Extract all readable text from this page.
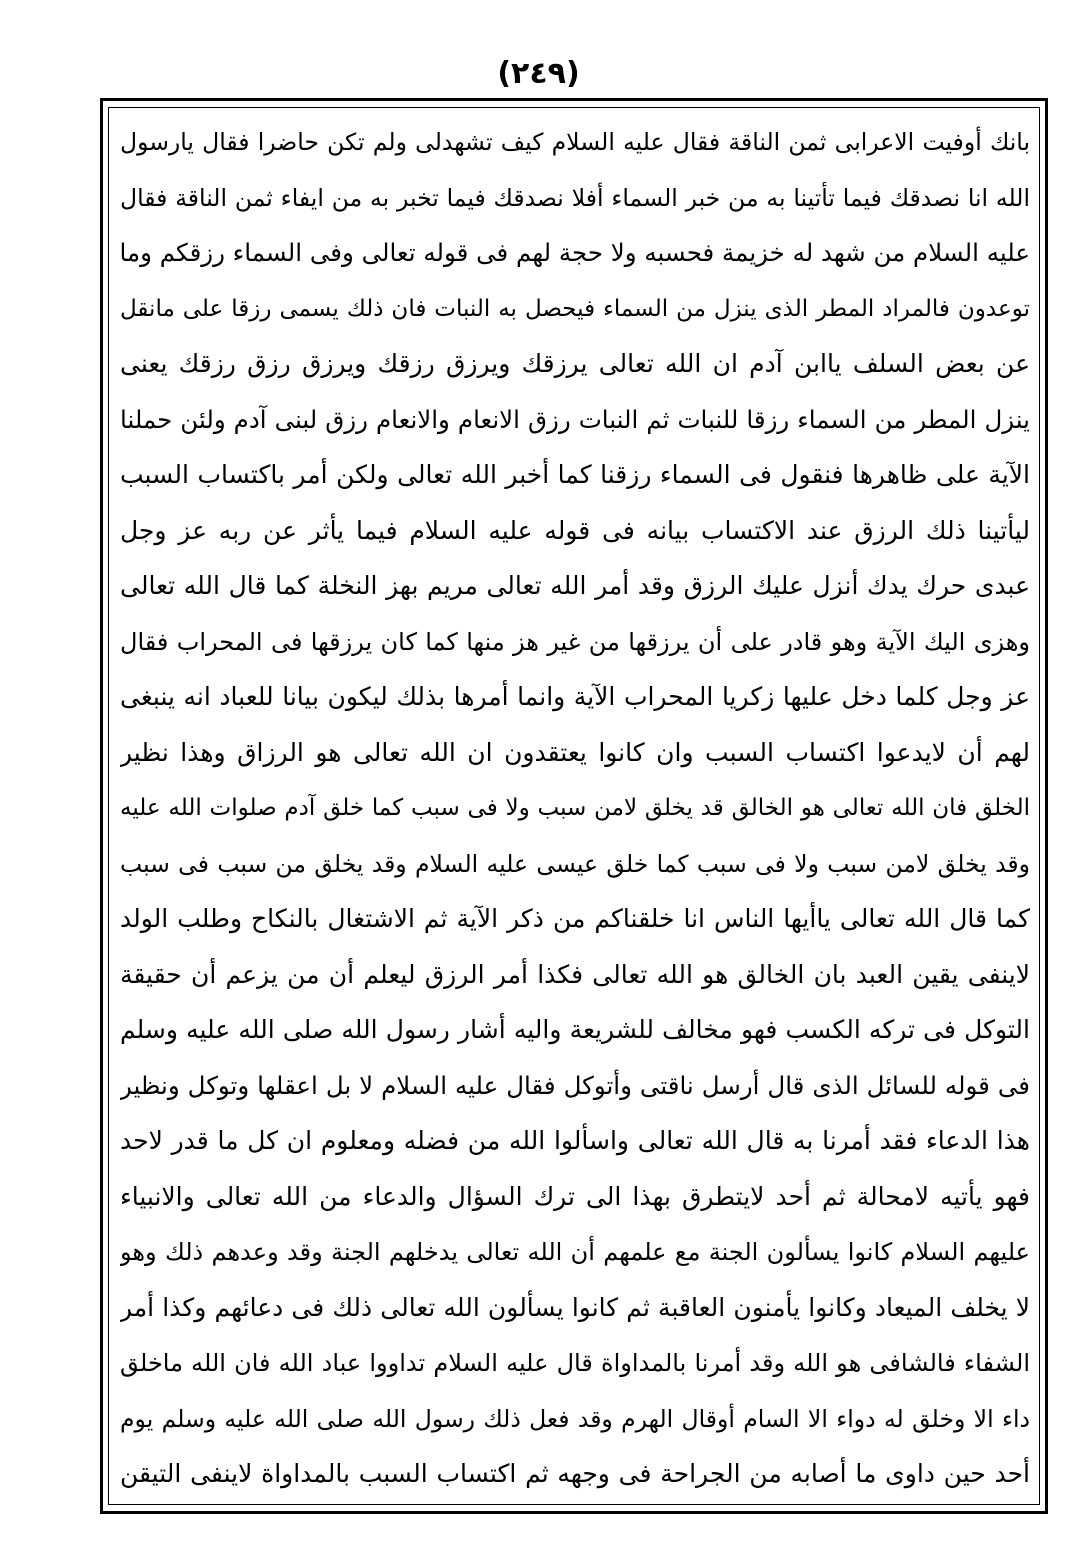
(٢٤٩)
بانك أوفيت الاعرابى ثمن الناقة فقال عليه السلام كيف تشهدلى ولم تكن حاضرا فقال يارسول
الله انا نصدقك فيما تأتينا به من خبر السماء أفلا نصدقك فيما تخبر به من ايفاء ثمن الناقة فقال
عليه السلام من شهد له خزيمة فحسبه ولا حجة لهم فى قوله تعالى وفى السماء رزقكم وما
توعدون فالمراد المطر الذى ينزل من السماء فيحصل به النبات فان ذلك يسمى رزقا على مانقل
عن بعض السلف ياابن آدم ان الله تعالى يرزقك ويرزق رزقك ويرزق رزق رزقك يعنى
ينزل المطر من السماء رزقا للنبات ثم النبات رزق الانعام والانعام رزق لبنى آدم ولئن حملنا
الآية على ظاهرها فنقول فى السماء رزقنا كما أخبر الله تعالى ولكن أمر باكتساب السبب
ليأتينا ذلك الرزق عند الاكتساب بيانه فى قوله عليه السلام فيما يأثر عن ربه عز وجل
عبدى حرك يدك أنزل عليك الرزق وقد أمر الله تعالى مريم بهز النخلة كما قال الله تعالى
وهزى اليك الآية وهو قادر على أن يرزقها من غير هز منها كما كان يرزقها فى المحراب فقال
عز وجل كلما دخل عليها زكريا المحراب الآية وانما أمرها بذلك ليكون بيانا للعباد انه ينبغى
لهم أن لايدعوا اكتساب السبب وان كانوا يعتقدون ان الله تعالى هو الرزاق وهذا نظير
الخلق فان الله تعالى هو الخالق قد يخلق لامن سبب ولا فى سبب كما خلق آدم صلوات الله عليه
وقد يخلق لامن سبب ولا فى سبب كما خلق عيسى عليه السلام وقد يخلق من سبب فى سبب
كما قال الله تعالى ياأيها الناس انا خلقناكم من ذكر الآية ثم الاشتغال بالنكاح وطلب الولد
لاينفى يقين العبد بان الخالق هو الله تعالى فكذا أمر الرزق ليعلم أن من يزعم أن حقيقة
التوكل فى تركه الكسب فهو مخالف للشريعة واليه أشار رسول الله صلى الله عليه وسلم
فى قوله للسائل الذى قال أرسل ناقتى وأتوكل فقال عليه السلام لا بل اعقلها وتوكل ونظير
هذا الدعاء فقد أمرنا به قال الله تعالى واسألوا الله من فضله ومعلوم ان كل ما قدر لاحد
فهو يأتيه لامحالة ثم أحد لايتطرق بهذا الى ترك السؤال والدعاء من الله تعالى والانبياء
عليهم السلام كانوا يسألون الجنة مع علمهم أن الله تعالى يدخلهم الجنة وقد وعدهم ذلك وهو
لا يخلف الميعاد وكانوا يأمنون العاقبة ثم كانوا يسألون الله تعالى ذلك فى دعائهم وكذا أمر
الشفاء فالشافى هو الله وقد أمرنا بالمداواة قال عليه السلام تداووا عباد الله فان الله ماخلق
داء الا وخلق له دواء الا السام أوقال الهرم وقد فعل ذلك رسول الله صلى الله عليه وسلم يوم
أحد حين داوى ما أصابه من الجراحة فى وجهه ثم اكتساب السبب بالمداواة لاينفى التيقن
